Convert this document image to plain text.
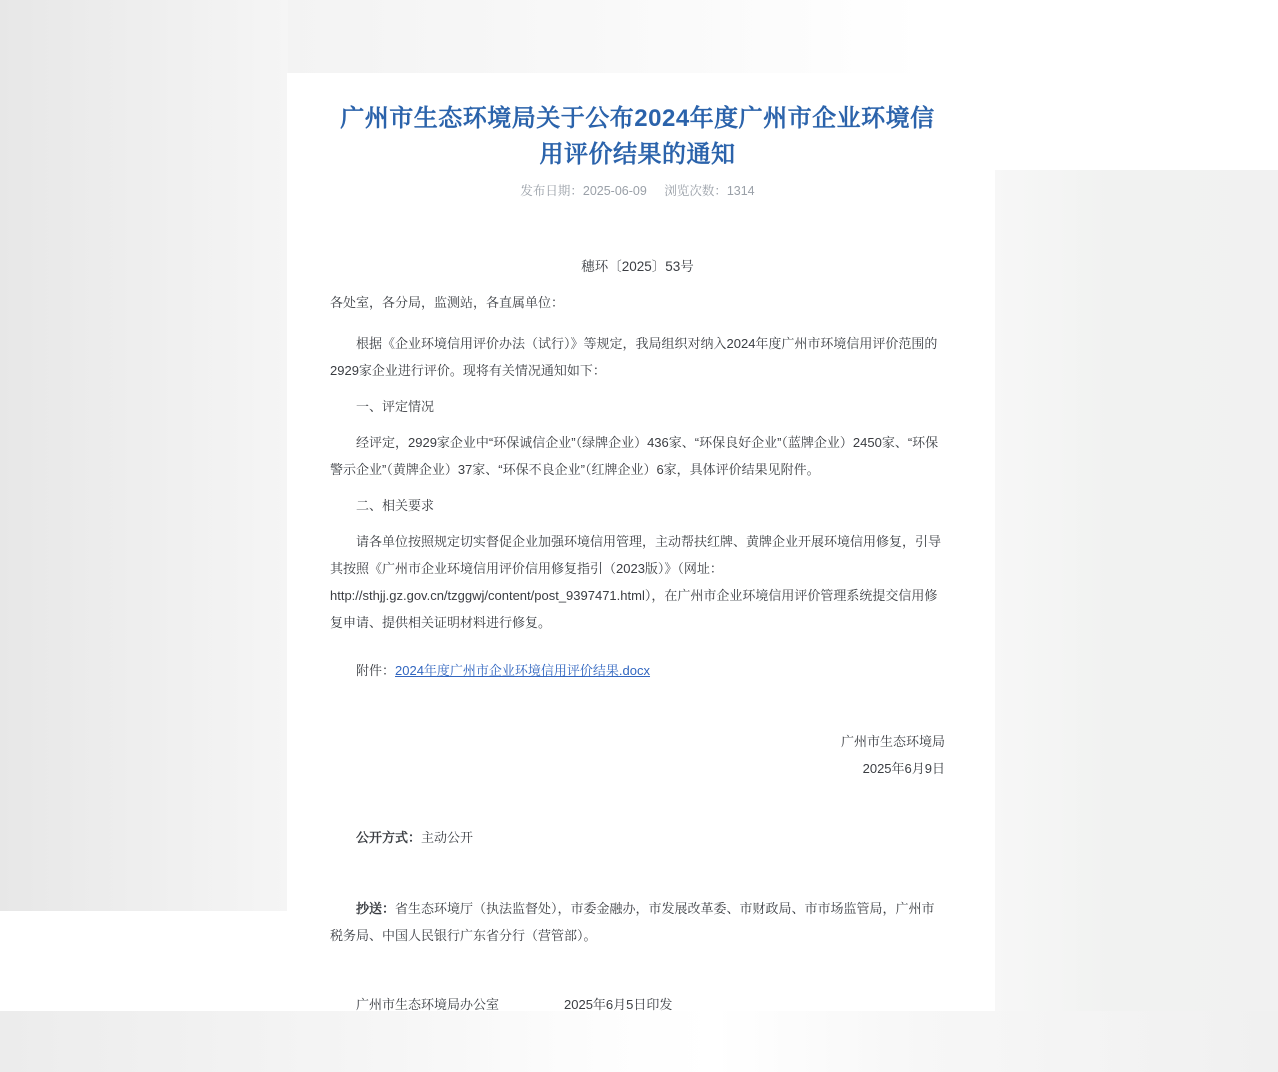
广州市生态环境局关于公布2024年度广州市企业环境信
用评价结果的通知
发布日期：2025-06-09 浏览次数：1314
穗环〔2025〕53号

各处室，各分局，监测站，各直属单位：

根据《企业环境信用评价办法（试行）》等规定，我局组织对纳入2024年度广州市环境信用评价范围的2929家企业进行评价。现将有关情况通知如下：

一、评定情况

经评定，2929家企业中“环保诚信企业”（绿牌企业）436家、“环保良好企业”（蓝牌企业）2450家、“环保警示企业”（黄牌企业）37家、“环保不良企业”（红牌企业）6家，具体评价结果见附件。

二、相关要求

请各单位按照规定切实督促企业加强环境信用管理，主动帮扶红牌、黄牌企业开展环境信用修复，引导其按照《广州市企业环境信用评价信用修复指引（2023版）》（网址：http://sthjj.gz.gov.cn/tzggwj/content/post_9397471.html），在广州市企业环境信用评价管理系统提交信用修复申请、提供相关证明材料进行修复。

附件：2024年度广州市企业环境信用评价结果.docx

广州市生态环境局
2025年6月9日

公开方式：主动公开

抄送：省生态环境厅（执法监督处），市委金融办，市发展改革委、市财政局、市市场监管局，广州市税务局、中国人民银行广东省分行（营管部）。

广州市生态环境局办公室	2025年6月5日印发
